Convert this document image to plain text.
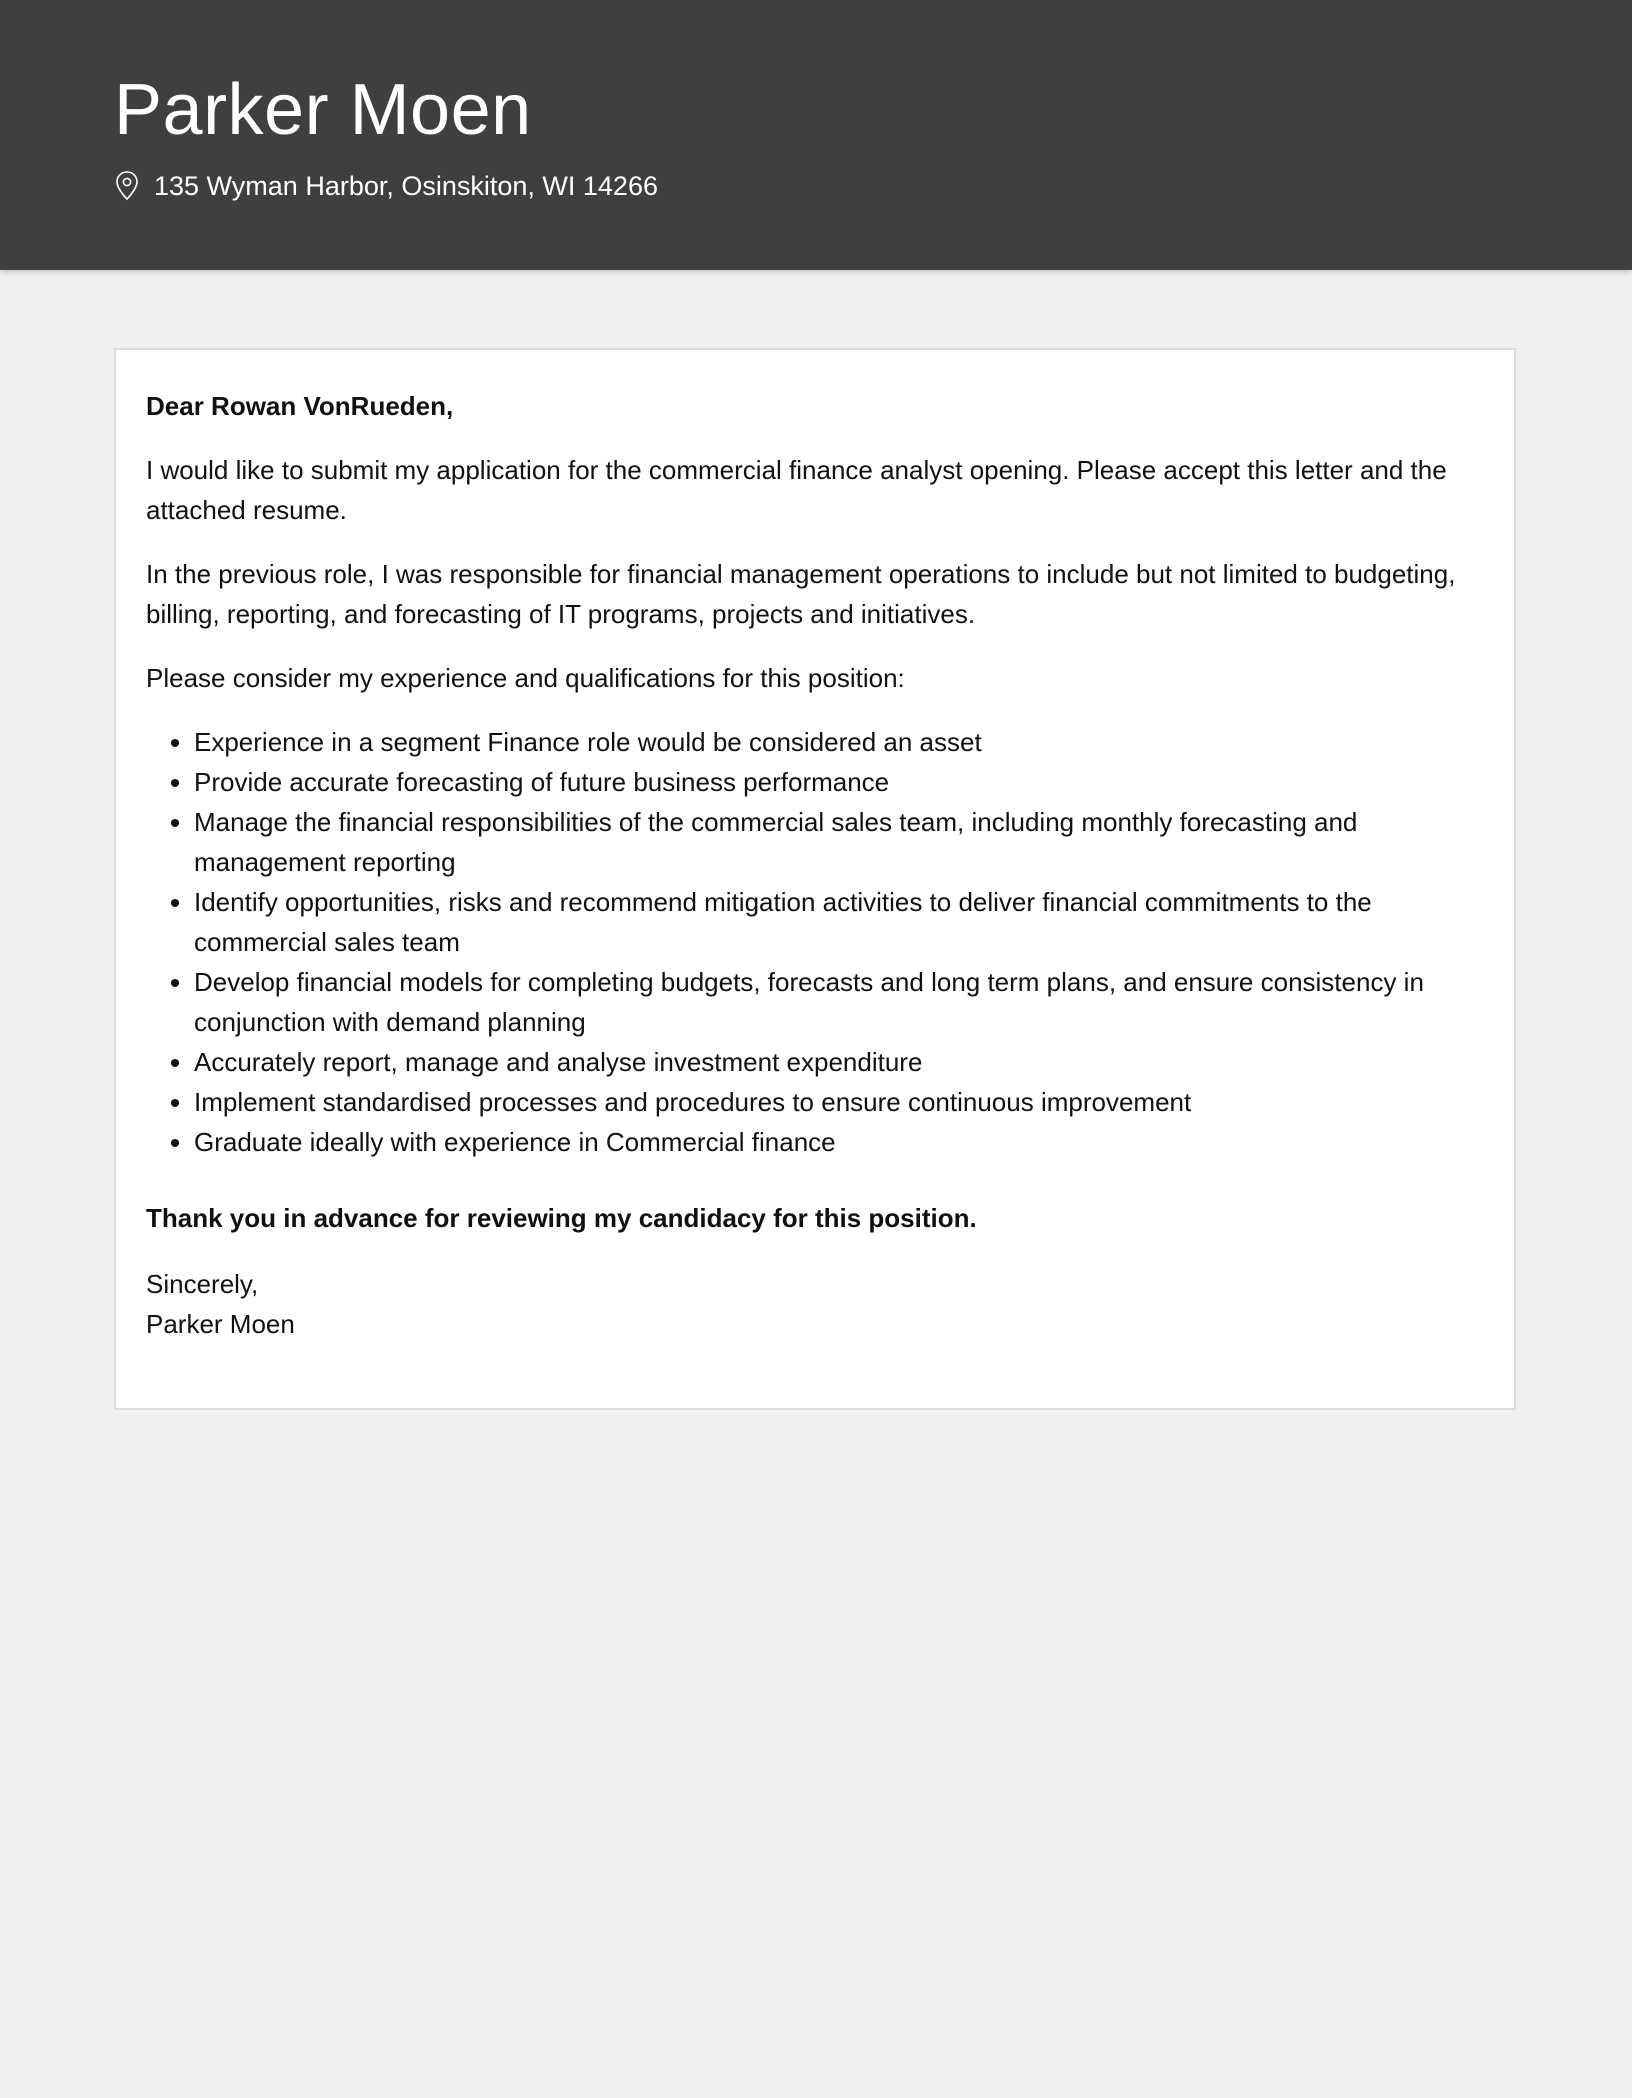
Parker Moen
135 Wyman Harbor, Osinskiton, WI 14266

Dear Rowan VonRueden,

I would like to submit my application for the commercial finance analyst opening. Please accept this letter and the attached resume.

In the previous role, I was responsible for financial management operations to include but not limited to budgeting, billing, reporting, and forecasting of IT programs, projects and initiatives.

Please consider my experience and qualifications for this position:

• Experience in a segment Finance role would be considered an asset
• Provide accurate forecasting of future business performance
• Manage the financial responsibilities of the commercial sales team, including monthly forecasting and management reporting
• Identify opportunities, risks and recommend mitigation activities to deliver financial commitments to the commercial sales team
• Develop financial models for completing budgets, forecasts and long term plans, and ensure consistency in conjunction with demand planning
• Accurately report, manage and analyse investment expenditure
• Implement standardised processes and procedures to ensure continuous improvement
• Graduate ideally with experience in Commercial finance

Thank you in advance for reviewing my candidacy for this position.

Sincerely,

Parker Moen
